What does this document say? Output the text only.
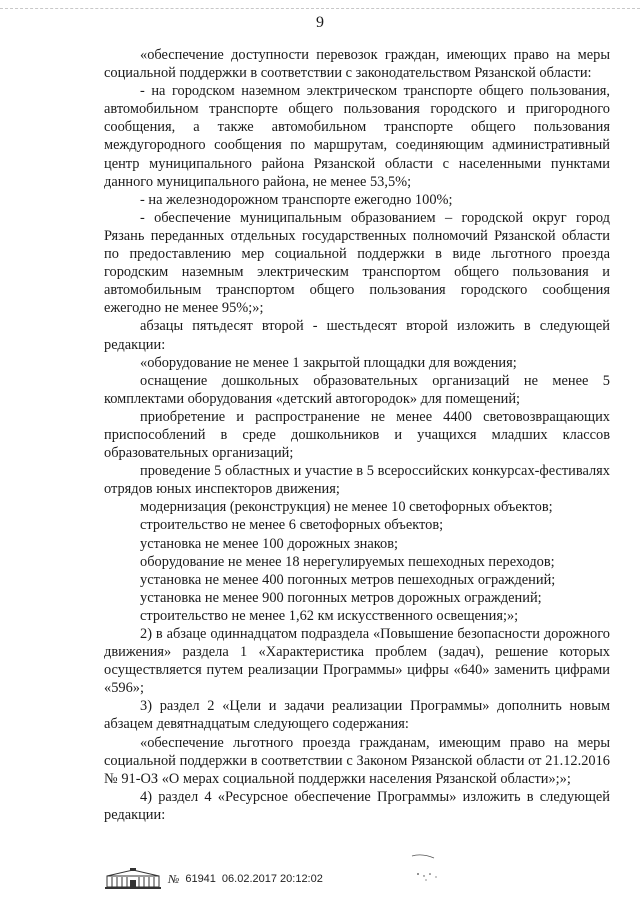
9

«обеспечение доступности перевозок граждан, имеющих право на меры социальной поддержки в соответствии с законодательством Рязанской области:

- на городском наземном электрическом транспорте общего пользования, автомобильном транспорте общего пользования городского и пригородного сообщения, а также автомобильном транспорте общего пользования междугородного сообщения по маршрутам, соединяющим административный центр муниципального района Рязанской области с населенными пунктами данного муниципального района, не менее 53,5%;

- на железнодорожном транспорте ежегодно 100%;

- обеспечение муниципальным образованием – городской округ город Рязань переданных отдельных государственных полномочий Рязанской области по предоставлению мер социальной поддержки в виде льготного проезда городским наземным электрическим транспортом общего пользования и автомобильным транспортом общего пользования городского сообщения ежегодно не менее 95%;»;

абзацы пятьдесят второй - шестьдесят второй изложить в следующей редакции:

«оборудование не менее 1 закрытой площадки для вождения;

оснащение дошкольных образовательных организаций не менее 5 комплектами оборудования «детский автогородок» для помещений;

приобретение и распространение не менее 4400 световозвращающих приспособлений в среде дошкольников и учащихся младших классов образовательных организаций;

проведение 5 областных и участие в 5 всероссийских конкурсах-фестивалях отрядов юных инспекторов движения;

модернизация (реконструкция) не менее 10 светофорных объектов;

строительство не менее 6 светофорных объектов;

установка не менее 100 дорожных знаков;

оборудование не менее 18 нерегулируемых пешеходных переходов;

установка не менее 400 погонных метров пешеходных ограждений;

установка не менее 900 погонных метров дорожных ограждений;

строительство не менее 1,62 км искусственного освещения;»;

2) в абзаце одиннадцатом подраздела «Повышение безопасности дорожного движения» раздела 1 «Характеристика проблем (задач), решение которых осуществляется путем реализации Программы» цифры «640» заменить цифрами «596»;

3) раздел 2 «Цели и задачи реализации Программы» дополнить новым абзацем девятнадцатым следующего содержания:

«обеспечение льготного проезда гражданам, имеющим право на меры социальной поддержки в соответствии с Законом Рязанской области от 21.12.2016 № 91-ОЗ «О мерах социальной поддержки населения Рязанской области»;»;

4) раздел 4 «Ресурсное обеспечение Программы» изложить в следующей редакции:

№ 61941 06.02.2017 20:12:02
